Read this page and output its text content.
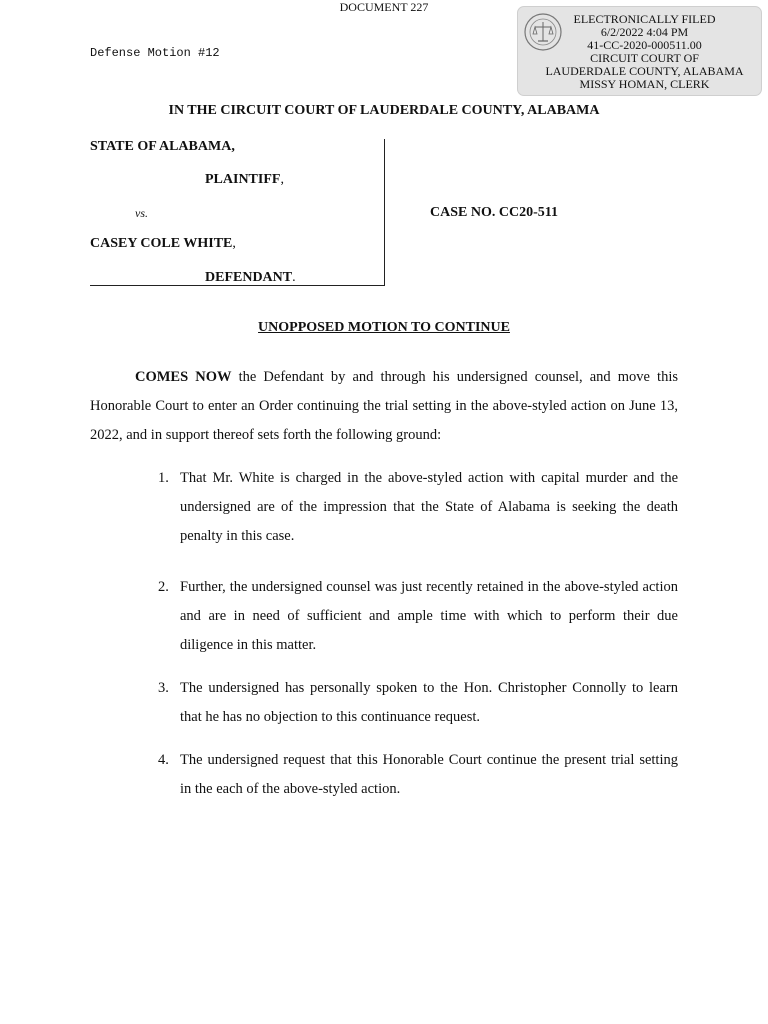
DOCUMENT 227
Defense Motion #12
ELECTRONICALLY FILED
6/2/2022 4:04 PM
41-CC-2020-000511.00
CIRCUIT COURT OF
LAUDERDALE COUNTY, ALABAMA
MISSY HOMAN, CLERK
IN THE CIRCUIT COURT OF LAUDERDALE COUNTY, ALABAMA
STATE OF ALABAMA,
PLAINTIFF,
vs.
CASEY COLE WHITE,
DEFENDANT.
CASE NO. CC20-511
UNOPPOSED MOTION TO CONTINUE
COMES NOW the Defendant by and through his undersigned counsel, and move this Honorable Court to enter an Order continuing the trial setting in the above-styled action on June 13, 2022, and in support thereof sets forth the following ground:
1. That Mr. White is charged in the above-styled action with capital murder and the undersigned are of the impression that the State of Alabama is seeking the death penalty in this case.
2. Further, the undersigned counsel was just recently retained in the above-styled action and are in need of sufficient and ample time with which to perform their due diligence in this matter.
3. The undersigned has personally spoken to the Hon. Christopher Connolly to learn that he has no objection to this continuance request.
4. The undersigned request that this Honorable Court continue the present trial setting in the each of the above-styled action.
